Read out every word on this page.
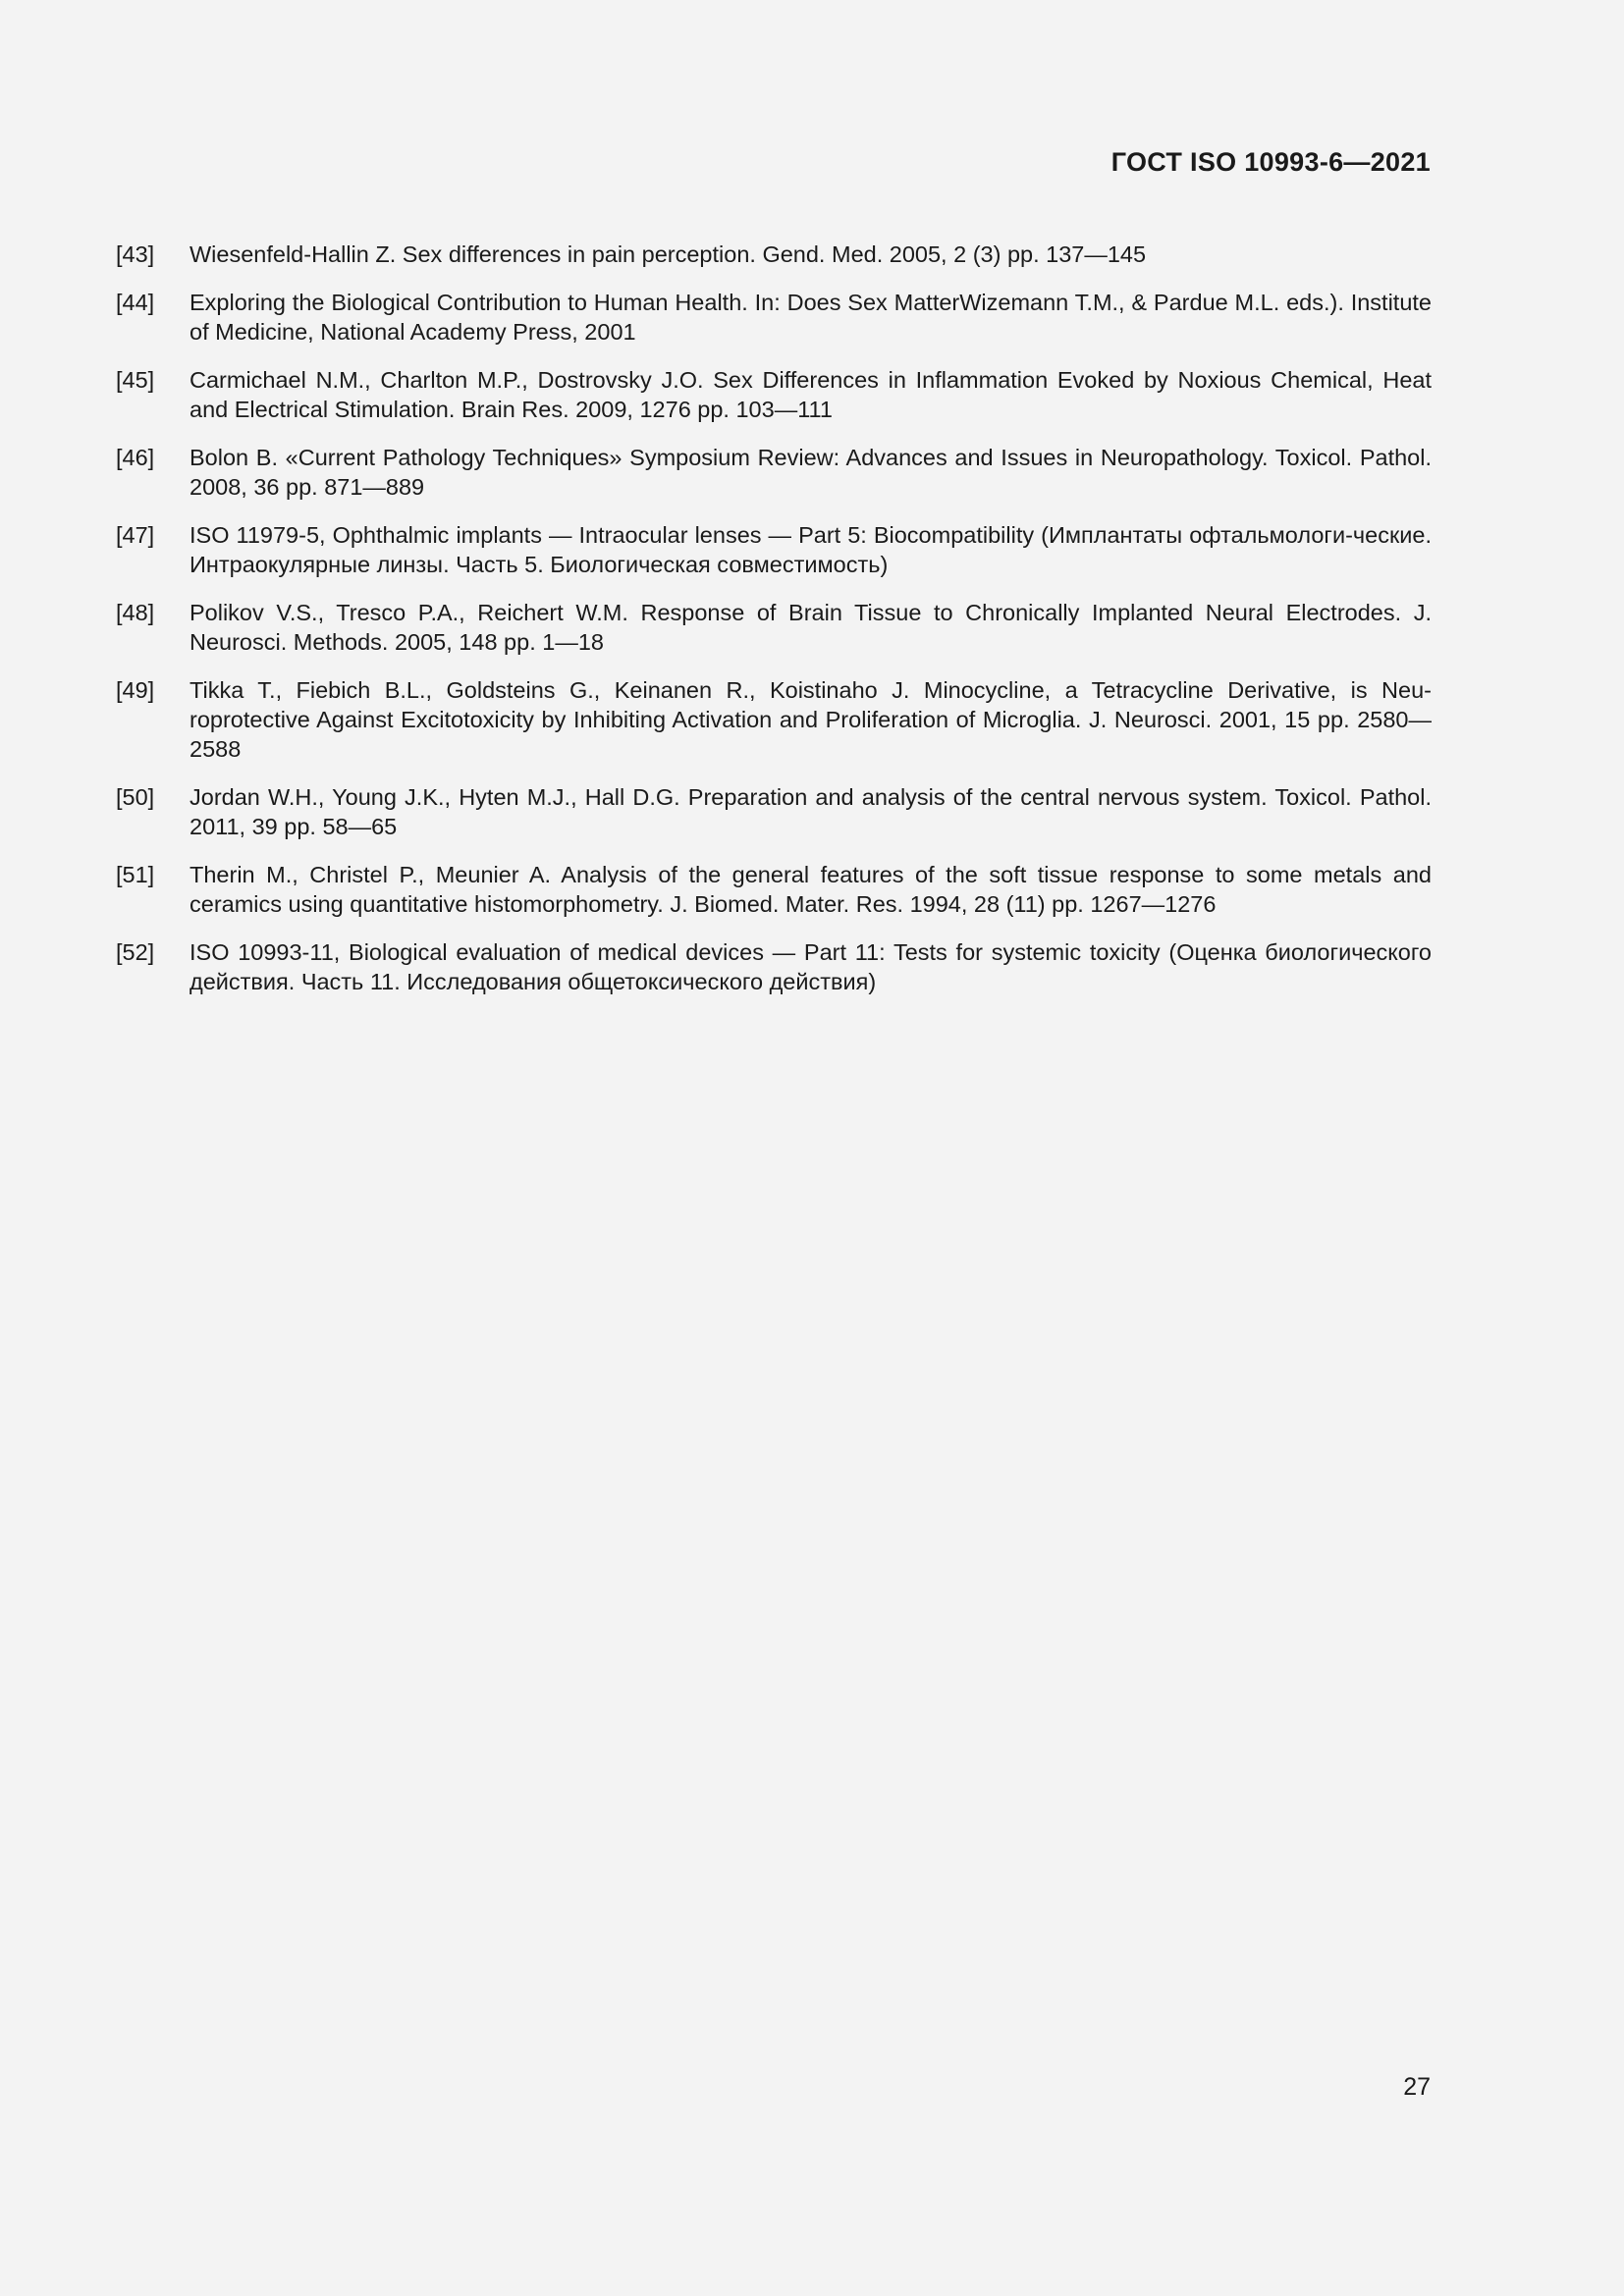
ГОСТ ISO 10993-6—2021
[43]	Wiesenfeld-Hallin Z. Sex differences in pain perception. Gend. Med. 2005, 2 (3) pp. 137—145
[44]	Exploring the Biological Contribution to Human Health. In: Does Sex MatterWizemann T.M., & Pardue M.L. eds.). Institute of Medicine, National Academy Press, 2001
[45]	Carmichael N.M., Charlton M.P., Dostrovsky J.O. Sex Differences in Inflammation Evoked by Noxious Chemical, Heat and Electrical Stimulation. Brain Res. 2009, 1276 pp. 103—111
[46]	Bolon B. «Current Pathology Techniques» Symposium Review: Advances and Issues in Neuropathology. Toxicol. Pathol. 2008, 36 pp. 871—889
[47]	ISO 11979-5, Ophthalmic implants — Intraocular lenses — Part 5: Biocompatibility (Имплантаты офтальмологи-ческие. Интраокулярные линзы. Часть 5. Биологическая совместимость)
[48]	Polikov V.S., Tresco P.A., Reichert W.M. Response of Brain Tissue to Chronically Implanted Neural Electrodes. J. Neurosci. Methods. 2005, 148 pp. 1—18
[49]	Tikka T., Fiebich B.L., Goldsteins G., Keinanen R., Koistinaho J. Minocycline, a Tetracycline Derivative, is Neu-roprotective Against Excitotoxicity by Inhibiting Activation and Proliferation of Microglia. J. Neurosci. 2001, 15 pp. 2580—2588
[50]	Jordan W.H., Young J.K., Hyten M.J., Hall D.G. Preparation and analysis of the central nervous system. Toxicol. Pathol. 2011, 39 pp. 58—65
[51]	Therin M., Christel P., Meunier A. Analysis of the general features of the soft tissue response to some metals and ceramics using quantitative histomorphometry. J. Biomed. Mater. Res. 1994, 28 (11) pp. 1267—1276
[52]	ISO 10993-11, Biological evaluation of medical devices — Part 11: Tests for systemic toxicity (Оценка биологического действия. Часть 11. Исследования общетоксического действия)
27
